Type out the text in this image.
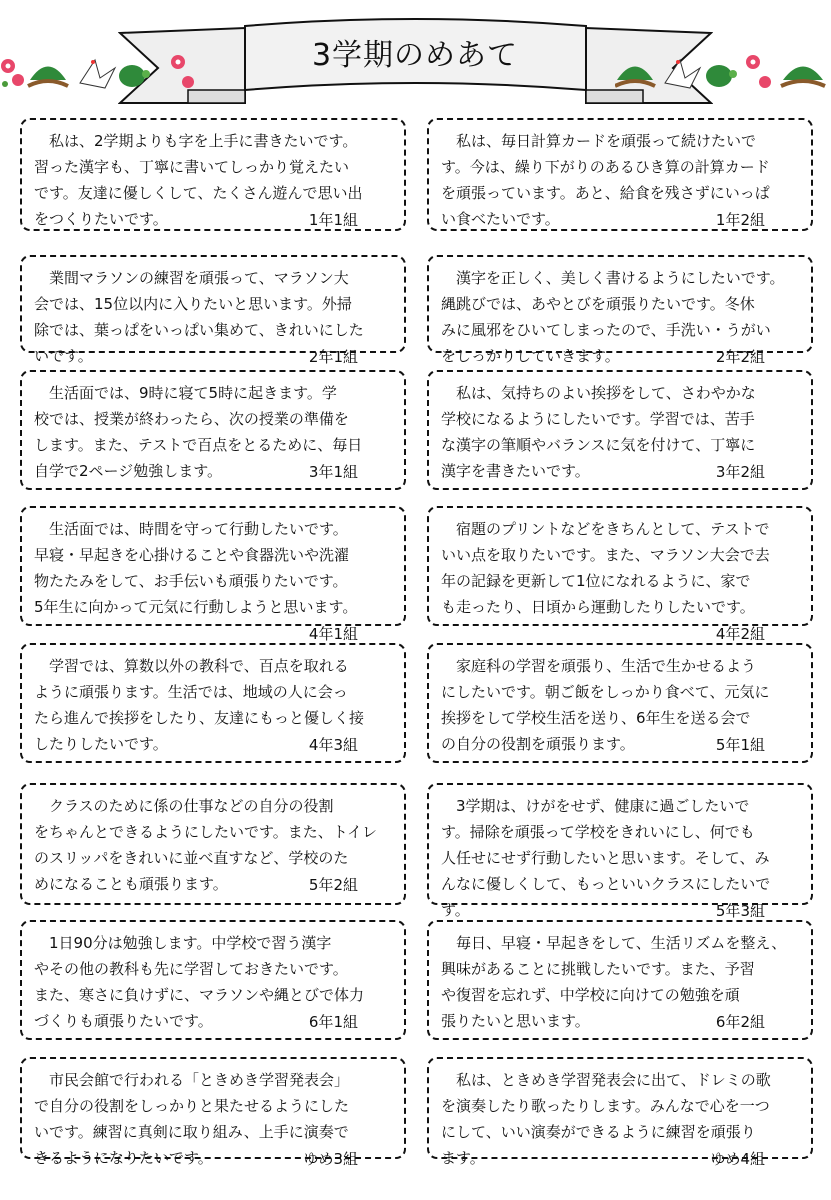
3学期のめあて
　私は、2学期よりも字を上手に書きたいです。
習った漢字も、丁寧に書いてしっかり覚えたい
です。友達に優しくして、たくさん遊んで思い出
をつくりたいです。	1年1組
　私は、毎日計算カードを頑張って続けたいで
す。今は、繰り下がりのあるひき算の計算カード
を頑張っています。あと、給食を残さずにいっぱ
い食べたいです。	1年2組
　業間マラソンの練習を頑張って、マラソン大
会では、15位以内に入りたいと思います。外掃
除では、葉っぱをいっぱい集めて、きれいにした
いです。	2年1組
　漢字を正しく、美しく書けるようにしたいです。
縄跳びでは、あやとびを頑張りたいです。冬休
みに風邪をひいてしまったので、手洗い・うがい
をしっかりしていきます。	2年2組
　生活面では、9時に寝て5時に起きます。学
校では、授業が終わったら、次の授業の準備を
します。また、テストで百点をとるために、毎日
自学で2ページ勉強します。	3年1組
　私は、気持ちのよい挨拶をして、さわやかな
学校になるようにしたいです。学習では、苦手
な漢字の筆順やバランスに気を付けて、丁寧に
漢字を書きたいです。	3年2組
　生活面では、時間を守って行動したいです。
早寝・早起きを心掛けることや食器洗いや洗濯
物たたみをして、お手伝いも頑張りたいです。
5年生に向かって元気に行動しようと思います。
4年1組
　宿題のプリントなどをきちんとして、テストで
いい点を取りたいです。また、マラソン大会で去
年の記録を更新して1位になれるように、家で
も走ったり、日頃から運動したりしたいです。
4年2組
　学習では、算数以外の教科で、百点を取れる
ように頑張ります。生活では、地域の人に会っ
たら進んで挨拶をしたり、友達にもっと優しく接
したりしたいです。	4年3組
　家庭科の学習を頑張り、生活で生かせるよう
にしたいです。朝ご飯をしっかり食べて、元気に
挨拶をして学校生活を送り、6年生を送る会で
の自分の役割を頑張ります。	5年1組
　クラスのために係の仕事などの自分の役割
をちゃんとできるようにしたいです。また、トイレ
のスリッパをきれいに並べ直すなど、学校のた
めになることも頑張ります。	5年2組
　3学期は、けがをせず、健康に過ごしたいで
す。掃除を頑張って学校をきれいにし、何でも
人任せにせず行動したいと思います。そして、み
んなに優しくして、もっといいクラスにしたいで
す。	5年3組
　1日90分は勉強します。中学校で習う漢字
やその他の教科も先に学習しておきたいです。
また、寒さに負けずに、マラソンや縄とびで体力
づくりも頑張りたいです。	6年1組
　毎日、早寝・早起きをして、生活リズムを整え、
興味があることに挑戦したいです。また、予習
や復習を忘れず、中学校に向けての勉強を頑
張りたいと思います。	6年2組
　市民会館で行われる「ときめき学習発表会」
で自分の役割をしっかりと果たせるようにした
いです。練習に真剣に取り組み、上手に演奏で
きるようになりたいです。	ゆめ3組
　私は、ときめき学習発表会に出て、ドレミの歌
を演奏したり歌ったりします。みんなで心を一つ
にして、いい演奏ができるように練習を頑張り
ます。	ゆめ4組
